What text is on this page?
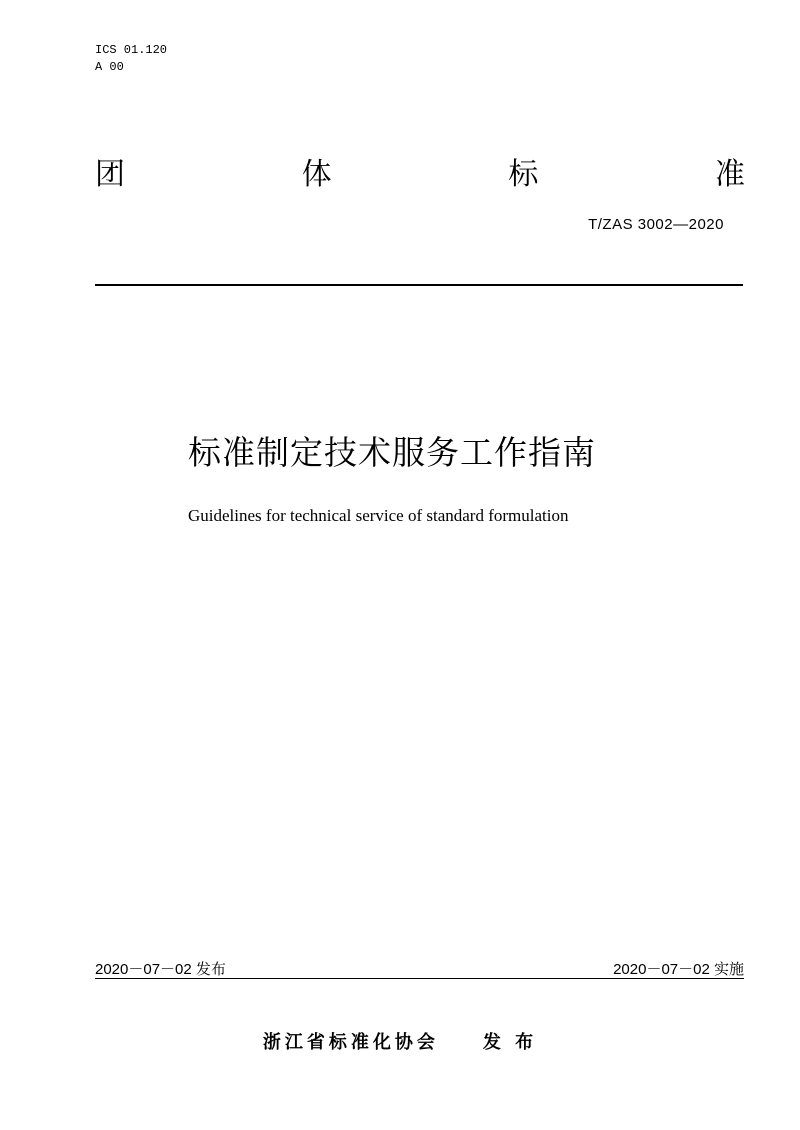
ICS 01.120
A 00
团	体	标	准
T/ZAS 3002—2020
标准制定技术服务工作指南
Guidelines for technical service of standard formulation
2020－07－02 发布	2020－07－02 实施
浙江省标准化协会 发 布
